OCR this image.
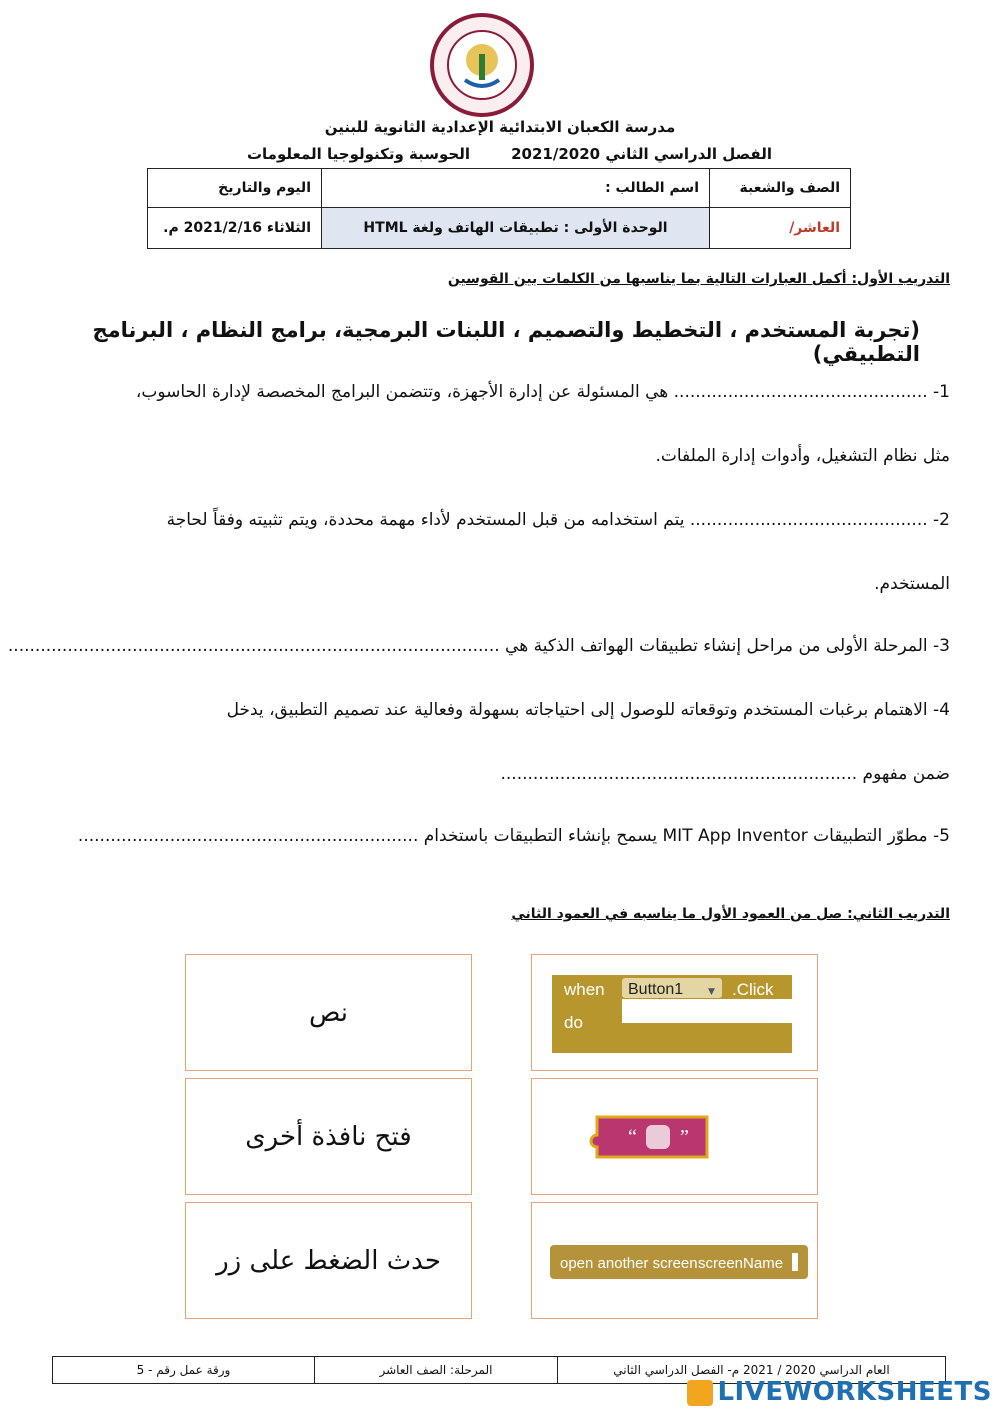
مدرسة الكعبان الابتدائية الإعدادية الثانوية للبنين
الفصل الدراسي الثاني 2021/2020
الحوسبة وتكنولوجيا المعلومات
الصف والشعبة	اسم الطالب :	اليوم والتاريخ
العاشر/	الوحدة الأولى : تطبيقات الهاتف ولغة HTML	الثلاثاء 2021/2/16 م.
التدريب الأول: أكمل العبارات التالية بما يناسبها من الكلمات بين القوسين
(تجربة المستخدم ، التخطيط والتصميم ، اللبنات البرمجية، برامج النظام ، البرنامج التطبيقي)
1- ............................................... هي المسئولة عن إدارة الأجهزة، وتتضمن البرامج المخصصة لإدارة الحاسوب،
مثل نظام التشغيل، وأدوات إدارة الملفات.
2- ............................................ يتم استخدامه من قبل المستخدم لأداء مهمة محددة، ويتم تثبيته وفقاً لحاجة
المستخدم.
3- المرحلة الأولى من مراحل إنشاء تطبيقات الهواتف الذكية هي ...........................................................................................
4- الاهتمام برغبات المستخدم وتوقعاته للوصول إلى احتياجاته بسهولة وفعالية عند تصميم التطبيق، يدخل
ضمن مفهوم ..................................................................
5- مطوّر التطبيقات MIT App Inventor يسمح بإنشاء التطبيقات باستخدام ...............................................................
التدريب الثاني: صل من العمود الأول ما يناسبه في العمود الثاني
نص
فتح نافذة أخرى
حدث الضغط على زر
when Button1	▼ .Click
do
“ ”
open another screen screenName
العام الدراسي 2020 / 2021 م- الفصل الدراسي الثاني	المرحلة: الصف العاشر	ورقة عمل رقم - 5
LIVEWORKSHEETS
